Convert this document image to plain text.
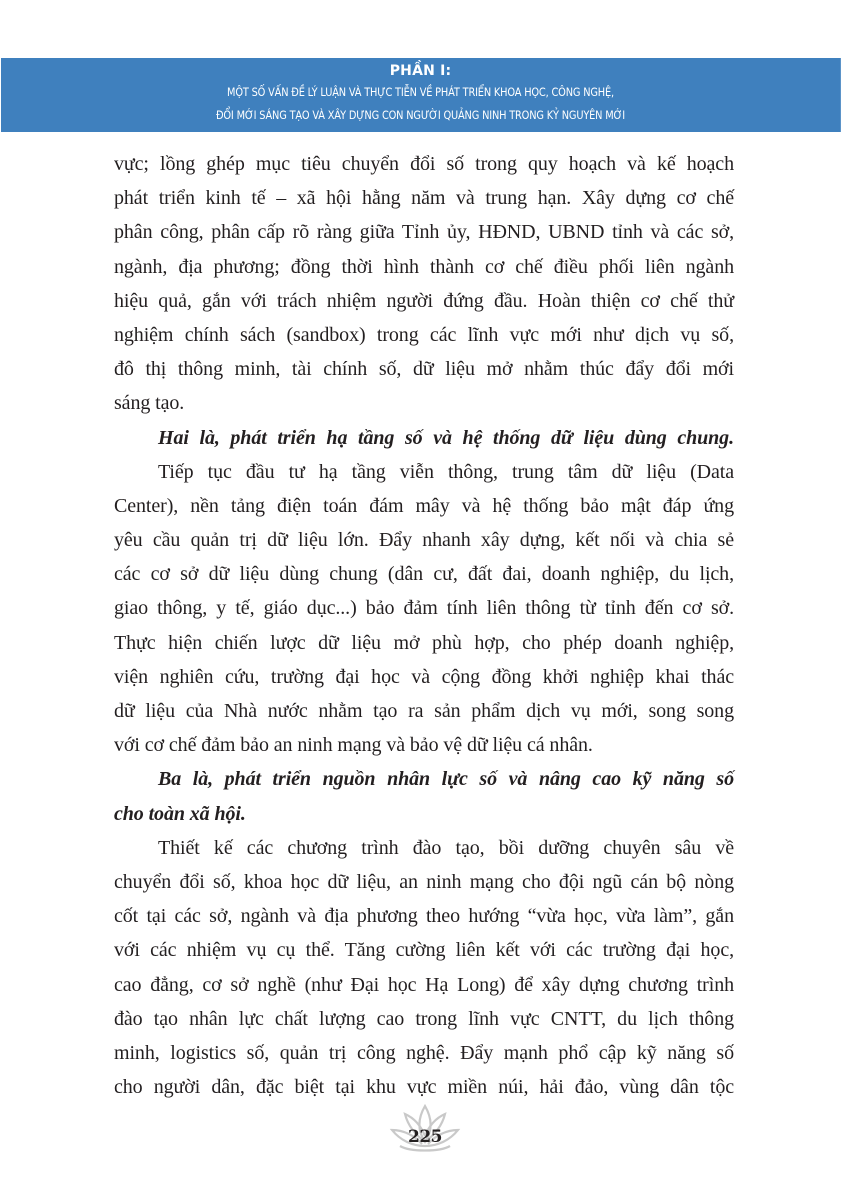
PHẦN I:
MỘT SỐ VẤN ĐỀ LÝ LUẬN VÀ THỰC TIỄN VỀ PHÁT TRIỂN KHOA HỌC, CÔNG NGHỆ,
ĐỔI MỚI SÁNG TẠO VÀ XÂY DỰNG CON NGƯỜI QUẢNG NINH TRONG KỶ NGUYÊN MỚI
vực; lồng ghép mục tiêu chuyển đổi số trong quy hoạch và kế hoạch
phát triển kinh tế – xã hội hằng năm và trung hạn. Xây dựng cơ chế
phân công, phân cấp rõ ràng giữa Tỉnh ủy, HĐND, UBND tỉnh và các sở,
ngành, địa phương; đồng thời hình thành cơ chế điều phối liên ngành
hiệu quả, gắn với trách nhiệm người đứng đầu. Hoàn thiện cơ chế thử
nghiệm chính sách (sandbox) trong các lĩnh vực mới như dịch vụ số,
đô thị thông minh, tài chính số, dữ liệu mở nhằm thúc đẩy đổi mới
sáng tạo.
Hai là, phát triển hạ tầng số và hệ thống dữ liệu dùng chung.
Tiếp tục đầu tư hạ tầng viễn thông, trung tâm dữ liệu (Data
Center), nền tảng điện toán đám mây và hệ thống bảo mật đáp ứng
yêu cầu quản trị dữ liệu lớn. Đẩy nhanh xây dựng, kết nối và chia sẻ
các cơ sở dữ liệu dùng chung (dân cư, đất đai, doanh nghiệp, du lịch,
giao thông, y tế, giáo dục...) bảo đảm tính liên thông từ tỉnh đến cơ sở.
Thực hiện chiến lược dữ liệu mở phù hợp, cho phép doanh nghiệp,
viện nghiên cứu, trường đại học và cộng đồng khởi nghiệp khai thác
dữ liệu của Nhà nước nhằm tạo ra sản phẩm dịch vụ mới, song song
với cơ chế đảm bảo an ninh mạng và bảo vệ dữ liệu cá nhân.
Ba là, phát triển nguồn nhân lực số và nâng cao kỹ năng số
cho toàn xã hội.
Thiết kế các chương trình đào tạo, bồi dưỡng chuyên sâu về
chuyển đổi số, khoa học dữ liệu, an ninh mạng cho đội ngũ cán bộ nòng
cốt tại các sở, ngành và địa phương theo hướng “vừa học, vừa làm”, gắn
với các nhiệm vụ cụ thể. Tăng cường liên kết với các trường đại học,
cao đẳng, cơ sở nghề (như Đại học Hạ Long) để xây dựng chương trình
đào tạo nhân lực chất lượng cao trong lĩnh vực CNTT, du lịch thông
minh, logistics số, quản trị công nghệ. Đẩy mạnh phổ cập kỹ năng số
cho người dân, đặc biệt tại khu vực miền núi, hải đảo, vùng dân tộc
225
